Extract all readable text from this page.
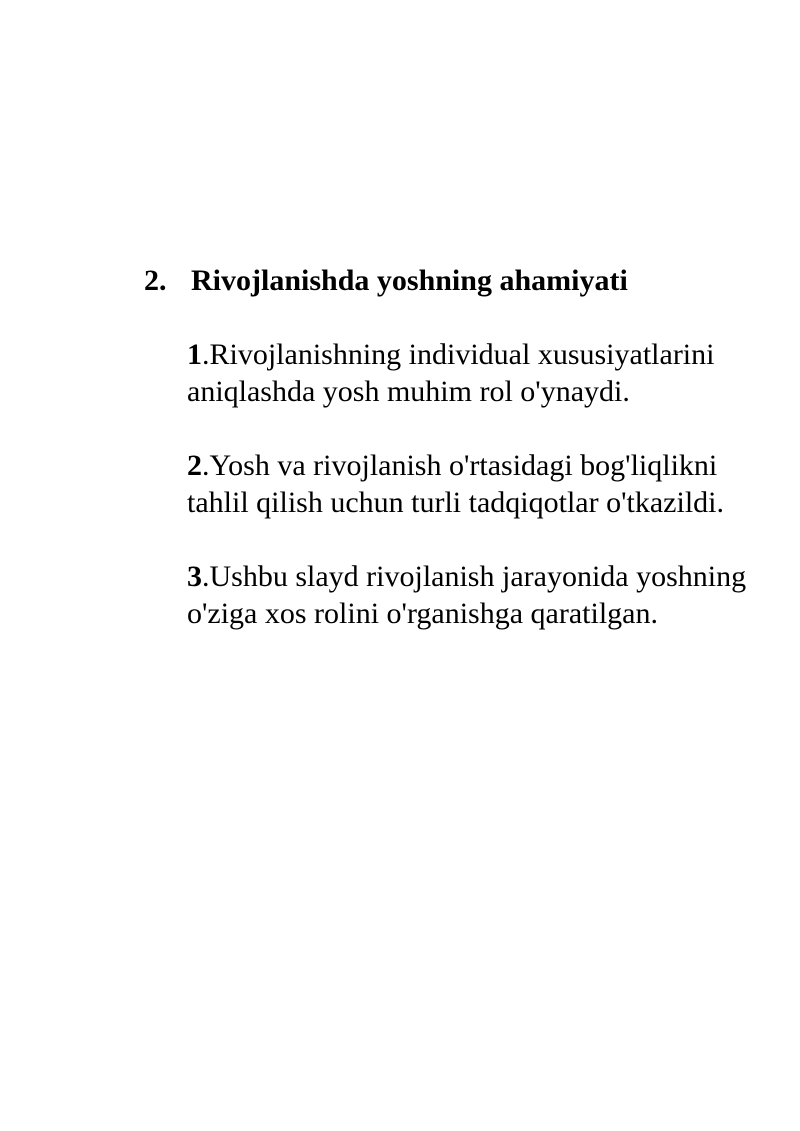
2. Rivojlanishda yoshning ahamiyati
1.Rivojlanishning individual xususiyatlarini aniqlashda yosh muhim rol o'ynaydi.
2.Yosh va rivojlanish o'rtasidagi bog'liqlikni tahlil qilish uchun turli tadqiqotlar o'tkazildi.
3.Ushbu slayd rivojlanish jarayonida yoshning o'ziga xos rolini o'rganishga qaratilgan.
